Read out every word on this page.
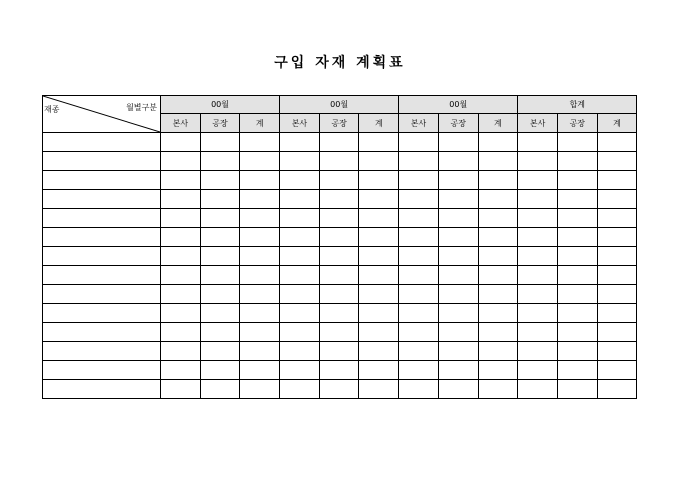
구입 자재 계획표
월별구분
재종	00월			00월			00월			합계		
	본사	공장	계	본사	공장	계	본사	공장	계	본사	공장	계
